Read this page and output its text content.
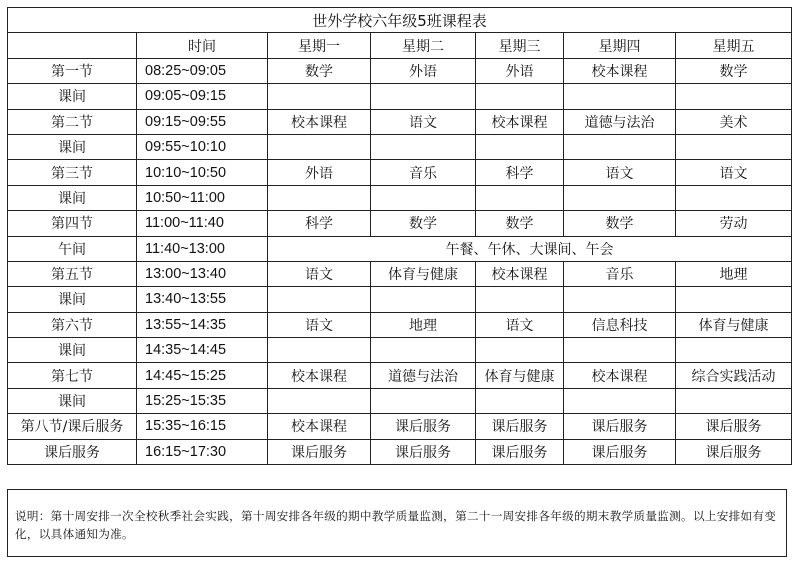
世外学校六年级5班课程表						
	时间	星期一	星期二	星期三	星期四	星期五
第一节	08:25~09:05	数学	外语	外语	校本课程	数学
课间	09:05~09:15					
第二节	09:15~09:55	校本课程	语文	校本课程	道德与法治	美术
课间	09:55~10:10					
第三节	10:10~10:50	外语	音乐	科学	语文	语文
课间	10:50~11:00					
第四节	11:00~11:40	科学	数学	数学	数学	劳动
午间	11:40~13:00	午餐、午休、大课间、午会				
第五节	13:00~13:40	语文	体育与健康	校本课程	音乐	地理
课间	13:40~13:55					
第六节	13:55~14:35	语文	地理	语文	信息科技	体育与健康
课间	14:35~14:45					
第七节	14:45~15:25	校本课程	道德与法治	体育与健康	校本课程	综合实践活动
课间	15:25~15:35					
第八节/课后服务	15:35~16:15	校本课程	课后服务	课后服务	课后服务	课后服务
课后服务	16:15~17:30	课后服务	课后服务	课后服务	课后服务	课后服务
说明：第十周安排一次全校秋季社会实践，第十周安排各年级的期中教学质量监测，第二十一周安排各年级的期末教学质量监测。以上安排如有变化，以具体通知为准。
